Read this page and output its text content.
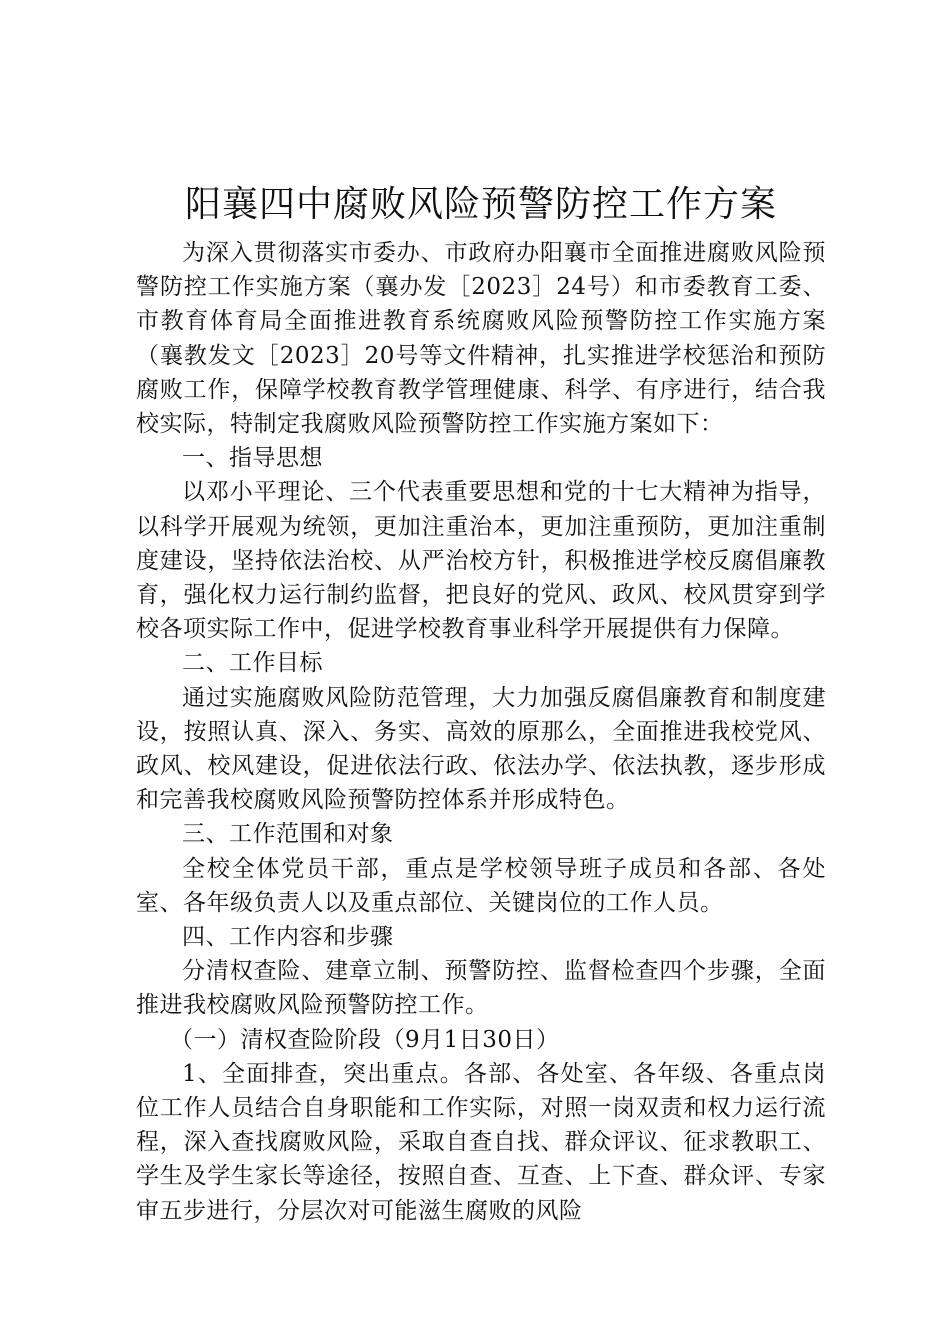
阳襄四中腐败风险预警防控工作方案

为深入贯彻落实市委办、市政府办阳襄市全面推进腐败风险预警防控工作实施方案（襄办发［2023］24号）和市委教育工委、市教育体育局全面推进教育系统腐败风险预警防控工作实施方案（襄教发文［2023］20号等文件精神，扎实推进学校惩治和预防腐败工作，保障学校教育教学管理健康、科学、有序进行，结合我校实际，特制定我腐败风险预警防控工作实施方案如下：

一、指导思想

以邓小平理论、三个代表重要思想和党的十七大精神为指导，以科学开展观为统领，更加注重治本，更加注重预防，更加注重制度建设，坚持依法治校、从严治校方针，积极推进学校反腐倡廉教育，强化权力运行制约监督，把良好的党风、政风、校风贯穿到学校各项实际工作中，促进学校教育事业科学开展提供有力保障。

二、工作目标

通过实施腐败风险防范管理，大力加强反腐倡廉教育和制度建设，按照认真、深入、务实、高效的原那么，全面推进我校党风、政风、校风建设，促进依法行政、依法办学、依法执教，逐步形成和完善我校腐败风险预警防控体系并形成特色。

三、工作范围和对象

全校全体党员干部，重点是学校领导班子成员和各部、各处室、各年级负责人以及重点部位、关键岗位的工作人员。

四、工作内容和步骤

分清权查险、建章立制、预警防控、监督检查四个步骤，全面推进我校腐败风险预警防控工作。

（一）清权查险阶段（9月1日30日）

1、全面排查，突出重点。各部、各处室、各年级、各重点岗位工作人员结合自身职能和工作实际，对照一岗双责和权力运行流程，深入查找腐败风险，采取自查自找、群众评议、征求教职工、学生及学生家长等途径，按照自查、互查、上下查、群众评、专家审五步进行，分层次对可能滋生腐败的风险
